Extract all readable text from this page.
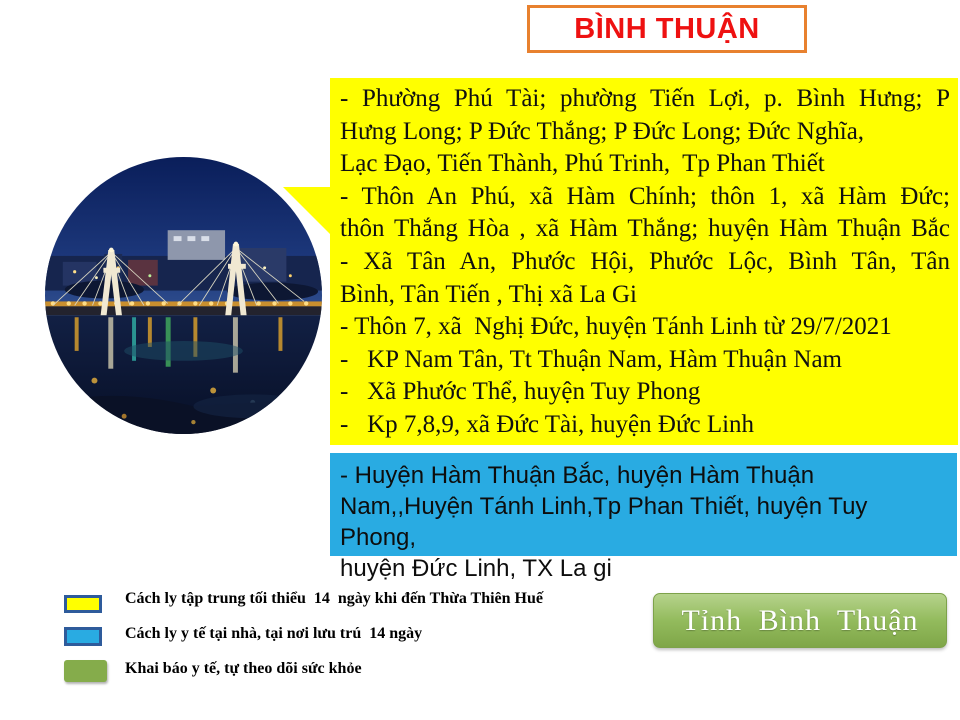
BÌNH THUẬN
- Phường Phú Tài; phường Tiến Lợi, p. Bình Hưng; P
Hưng Long; P Đức Thắng; P Đức Long; Đức Nghĩa,
Lạc Đạo, Tiến Thành, Phú Trinh,  Tp Phan Thiết
- Thôn An Phú, xã Hàm Chính; thôn 1, xã Hàm Đức;
thôn Thắng Hòa , xã Hàm Thắng; huyện Hàm Thuận Bắc
- Xã Tân An, Phước Hội, Phước Lộc, Bình Tân, Tân
Bình, Tân Tiến , Thị xã La Gi
- Thôn 7, xã  Nghị Đức, huyện Tánh Linh từ 29/7/2021
-   KP Nam Tân, Tt Thuận Nam, Hàm Thuận Nam
-   Xã Phước Thể, huyện Tuy Phong
-   Kp 7,8,9, xã Đức Tài, huyện Đức Linh
- Huyện Hàm Thuận Bắc, huyện Hàm Thuận
Nam,,Huyện Tánh Linh,Tp Phan Thiết, huyện Tuy Phong,
huyện Đức Linh, TX La gi
Cách ly tập trung tối thiểu  14  ngày khi đến Thừa Thiên Huế
Cách ly y tế tại nhà, tại nơi lưu trú  14 ngày
Khai báo y tế, tự theo dõi sức khỏe
Tỉnh Bình Thuận
